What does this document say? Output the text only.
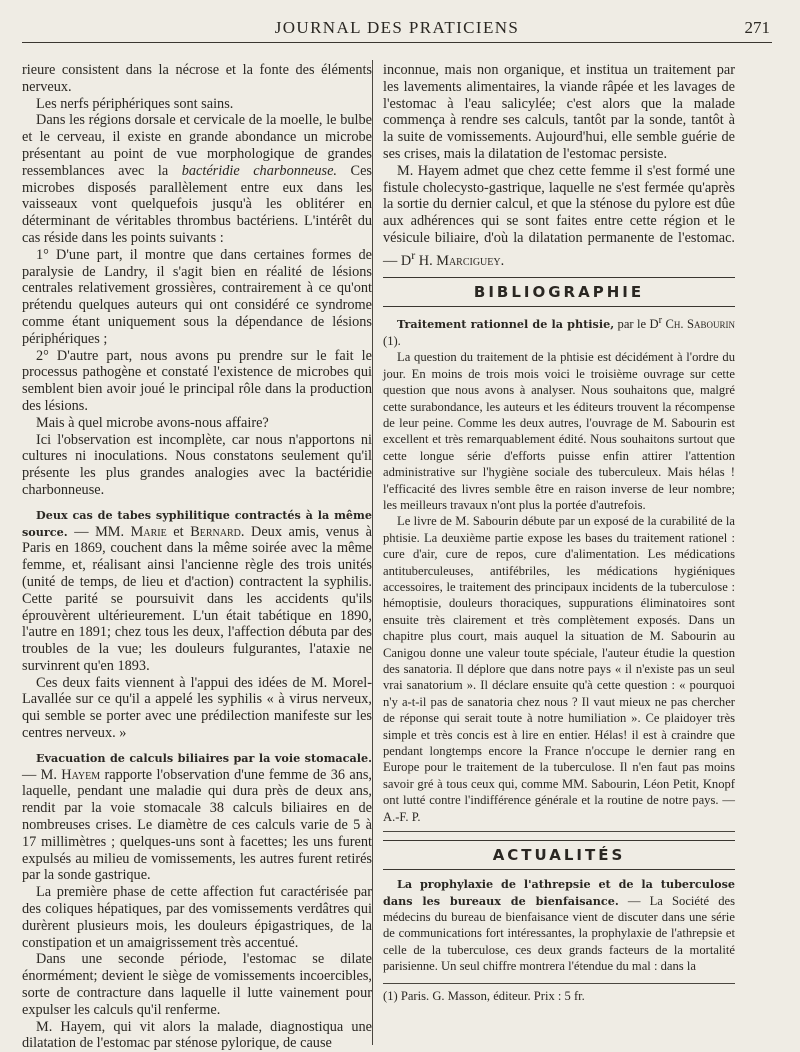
JOURNAL DES PRATICIENS	271

rieure consistent dans la nécrose et la fonte des éléments nerveux.

Les nerfs périphériques sont sains.

Dans les régions dorsale et cervicale de la moelle, le bulbe et le cerveau, il existe en grande abondance un microbe présentant au point de vue morphologique de grandes ressemblances avec la bactéridie charbonneuse. Ces microbes disposés parallèlement entre eux dans les vaisseaux vont quelquefois jusqu'à les oblitérer en déterminant de véritables thrombus bactériens. L'intérêt du cas réside dans les points suivants :

1° D'une part, il montre que dans certaines formes de paralysie de Landry, il s'agit bien en réalité de lésions centrales relativement grossières, contrairement à ce qu'ont prétendu quelques auteurs qui ont considéré ce syndrome comme étant uniquement sous la dépendance de lésions périphériques ;

2° D'autre part, nous avons pu prendre sur le fait le processus pathogène et constaté l'existence de microbes qui semblent bien avoir joué le principal rôle dans la production des lésions.

Mais à quel microbe avons-nous affaire?

Ici l'observation est incomplète, car nous n'apportons ni cultures ni inoculations. Nous constatons seulement qu'il présente les plus grandes analogies avec la bactéridie charbonneuse.

Deux cas de tabes syphilitique contractés à la même source. — MM. Marie et Bernard. Deux amis, venus à Paris en 1869, couchent dans la même soirée avec la même femme, et, réalisant ainsi l'ancienne règle des trois unités (unité de temps, de lieu et d'action) contractent la syphilis. Cette parité se poursuivit dans les accidents qu'ils éprouvèrent ultérieurement. L'un était tabétique en 1890, l'autre en 1891; chez tous les deux, l'affection débuta par des troubles de la vue; les douleurs fulgurantes, l'ataxie ne survinrent qu'en 1893.

Ces deux faits viennent à l'appui des idées de M. Morel-Lavallée sur ce qu'il a appelé les syphilis « à virus nerveux, qui semble se porter avec une prédilection manifeste sur les centres nerveux. »

Evacuation de calculs biliaires par la voie stomacale. — M. Hayem rapporte l'observation d'une femme de 36 ans, laquelle, pendant une maladie qui dura près de deux ans, rendit par la voie stomacale 38 calculs biliaires en de nombreuses crises. Le diamètre de ces calculs varie de 5 à 17 millimètres ; quelques-uns sont à facettes; les uns furent expulsés au milieu de vomissements, les autres furent retirés par la sonde gastrique.

La première phase de cette affection fut caractérisée par des coliques hépatiques, par des vomissements verdâtres qui durèrent plusieurs mois, les douleurs épigastriques, de la constipation et un amaigrissement très accentué.

Dans une seconde période, l'estomac se dilate énormément; devient le siège de vomissements incoercibles, sorte de contracture dans laquelle il lutte vainement pour expulser les calculs qu'il renferme.

M. Hayem, qui vit alors la malade, diagnostiqua une dilatation de l'estomac par sténose pylorique, de cause

inconnue, mais non organique, et institua un traitement par les lavements alimentaires, la viande râpée et les lavages de l'estomac à l'eau salicylée; c'est alors que la malade commença à rendre ses calculs, tantôt par la sonde, tantôt à la suite de vomissements. Aujourd'hui, elle semble guérie de ses crises, mais la dilatation de l'estomac persiste.

M. Hayem admet que chez cette femme il s'est formé une fistule cholecysto-gastrique, laquelle ne s'est fermée qu'après la sortie du dernier calcul, et que la sténose du pylore est dûe aux adhérences qui se sont faites entre cette région et le vésicule biliaire, d'où la dilatation permanente de l'estomac. — $D^r$ H. Marciguey.

BIBLIOGRAPHIE

Traitement rationnel de la phtisie, par le $D^r$ Ch. Sabourin (1).

La question du traitement de la phtisie est décidément à l'ordre du jour. En moins de trois mois voici le troisième ouvrage sur cette question que nous avons à analyser. Nous souhaitons que, malgré cette surabondance, les auteurs et les éditeurs trouvent la récompense de leur peine. Comme les deux autres, l'ouvrage de M. Sabourin est excellent et très remarquablement édité. Nous souhaitons surtout que cette longue série d'efforts puisse enfin attirer l'attention administrative sur l'hygiène sociale des tuberculeux. Mais hélas ! l'efficacité des livres semble être en raison inverse de leur nombre; les meilleurs travaux n'ont plus la portée d'autrefois.

Le livre de M. Sabourin débute par un exposé de la curabilité de la phtisie. La deuxième partie expose les bases du traitement rationel : cure d'air, cure de repos, cure d'alimentation. Les médications antituberculeuses, antifébriles, les médications hygiéniques accessoires, le traitement des principaux incidents de la tuberculose : hémoptisie, douleurs thoraciques, suppurations éliminatoires sont ensuite très clairement et très complètement exposés. Dans un chapitre plus court, mais auquel la situation de M. Sabourin au Canigou donne une valeur toute spéciale, l'auteur étudie la question des sanatoria. Il déplore que dans notre pays « il n'existe pas un seul vrai sanatorium ». Il déclare ensuite qu'à cette question : « pourquoi n'y a-t-il pas de sanatoria chez nous ? Il vaut mieux ne pas chercher de réponse qui serait toute à notre humiliation ». Ce plaidoyer très simple et très concis est à lire en entier. Hélas! il est à craindre que pendant longtemps encore la France n'occupe le dernier rang en Europe pour le traitement de la tuberculose. Il n'en faut pas moins savoir gré à tous ceux qui, comme MM. Sabourin, Léon Petit, Knopf ont lutté contre l'indifférence générale et la routine de notre pays. — A.-F. P.

ACTUALITÉS

La prophylaxie de l'athrepsie et de la tuberculose dans les bureaux de bienfaisance. — La Société des médecins du bureau de bienfaisance vient de discuter dans une série de communications fort intéressantes, la prophylaxie de l'athrepsie et celle de la tuberculose, ces deux grands facteurs de la mortalité parisienne. Un seul chiffre montrera l'étendue du mal : dans la

(1) Paris. G. Masson, éditeur. Prix : 5 fr.
